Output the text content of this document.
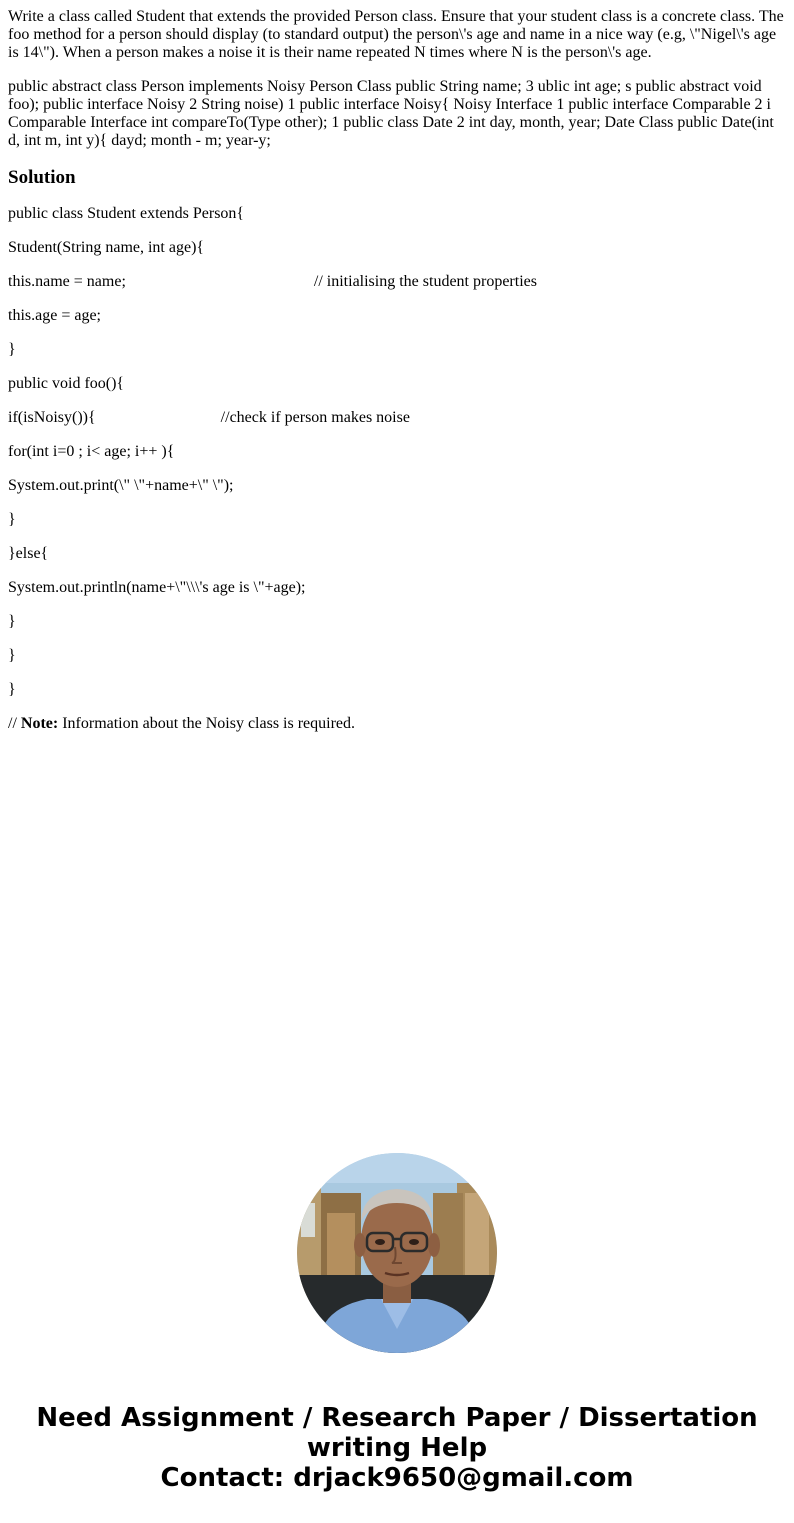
Write a class called Student that extends the provided Person class. Ensure that your student class is a concrete class. The foo method for a person should display (to standard output) the person\'s age and name in a nice way (e.g, \"Nigel\'s age is 14\"). When a person makes a noise it is their name repeated N times where N is the person\'s age.

public abstract class Person implements Noisy Person Class public String name; 3 ublic int age; s public abstract void foo); public interface Noisy 2 String noise) 1 public interface Noisy{ Noisy Interface 1 public interface Comparable 2 i Comparable Interface int compareTo(Type other); 1 public class Date 2 int day, month, year; Date Class public Date(int d, int m, int y){ dayd; month - m; year-y;

Solution

public class Student extends Person{

Student(String name, int age){

this.name = name;	// initialising the student properties

this.age = age;

}

public void foo(){

if(isNoisy()){	//check if person makes noise

for(int i=0 ; i< age; i++ ){

System.out.print(\" \"+name+\" \");

}

}else{

System.out.println(name+\"\\\'s age is \"+age);

}

}

}

// Note: Information about the Noisy class is required.

Need Assignment / Research Paper / Dissertation
writing Help
Contact: drjack9650@gmail.com
